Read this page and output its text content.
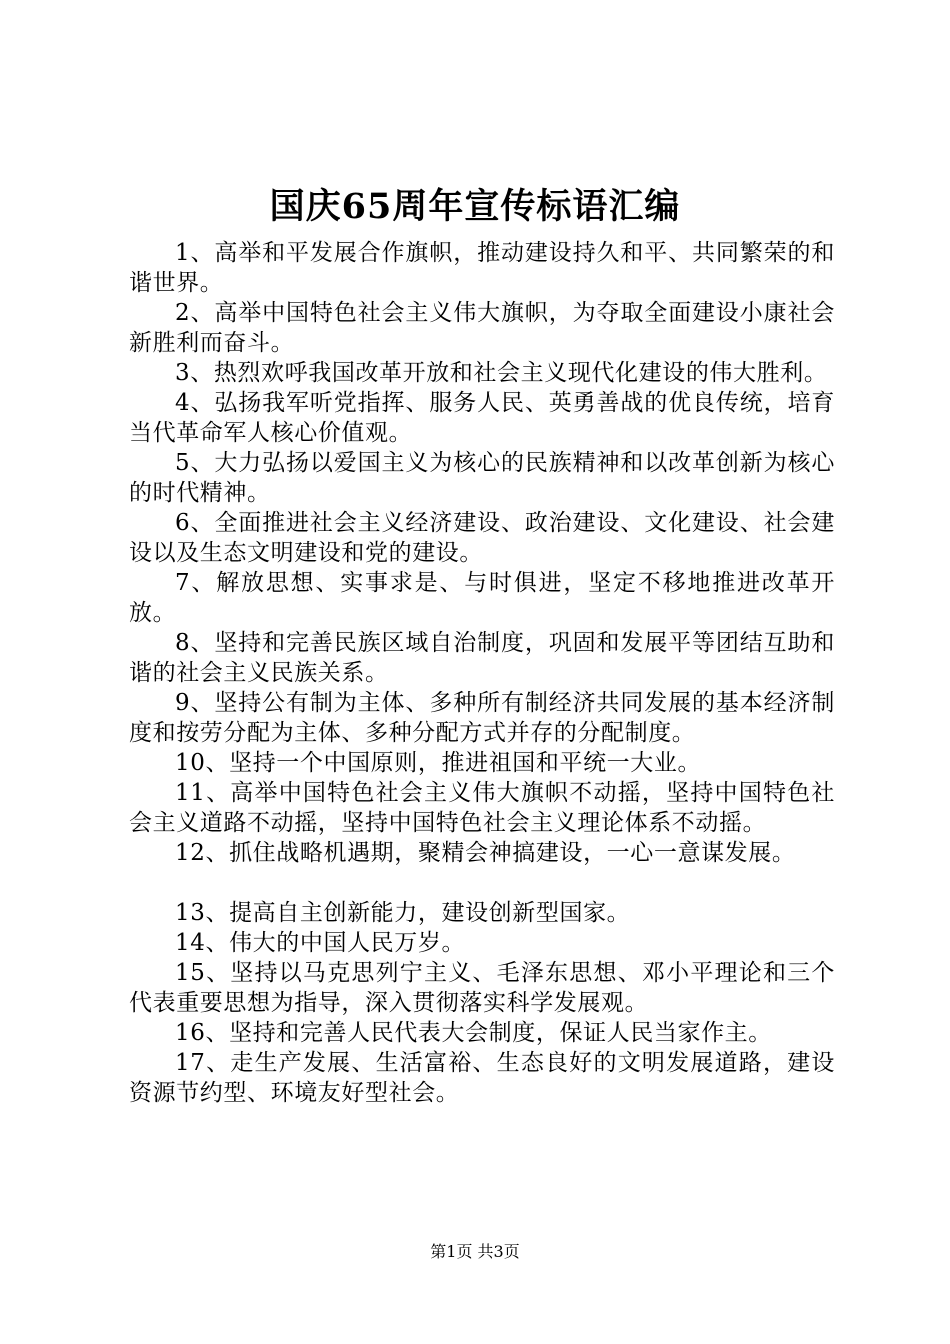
国庆65周年宣传标语汇编

1、高举和平发展合作旗帜，推动建设持久和平、共同繁荣的和谐世界。

2、高举中国特色社会主义伟大旗帜，为夺取全面建设小康社会新胜利而奋斗。

3、热烈欢呼我国改革开放和社会主义现代化建设的伟大胜利。

4、弘扬我军听党指挥、服务人民、英勇善战的优良传统，培育当代革命军人核心价值观。

5、大力弘扬以爱国主义为核心的民族精神和以改革创新为核心的时代精神。

6、全面推进社会主义经济建设、政治建设、文化建设、社会建设以及生态文明建设和党的建设。

7、解放思想、实事求是、与时俱进，坚定不移地推进改革开放。

8、坚持和完善民族区域自治制度，巩固和发展平等团结互助和谐的社会主义民族关系。

9、坚持公有制为主体、多种所有制经济共同发展的基本经济制度和按劳分配为主体、多种分配方式并存的分配制度。

10、坚持一个中国原则，推进祖国和平统一大业。

11、高举中国特色社会主义伟大旗帜不动摇，坚持中国特色社会主义道路不动摇，坚持中国特色社会主义理论体系不动摇。

12、抓住战略机遇期，聚精会神搞建设，一心一意谋发展。

13、提高自主创新能力，建设创新型国家。

14、伟大的中国人民万岁。

15、坚持以马克思列宁主义、毛泽东思想、邓小平理论和三个代表重要思想为指导，深入贯彻落实科学发展观。

16、坚持和完善人民代表大会制度，保证人民当家作主。

17、走生产发展、生活富裕、生态良好的文明发展道路，建设资源节约型、环境友好型社会。

第1页 共3页
